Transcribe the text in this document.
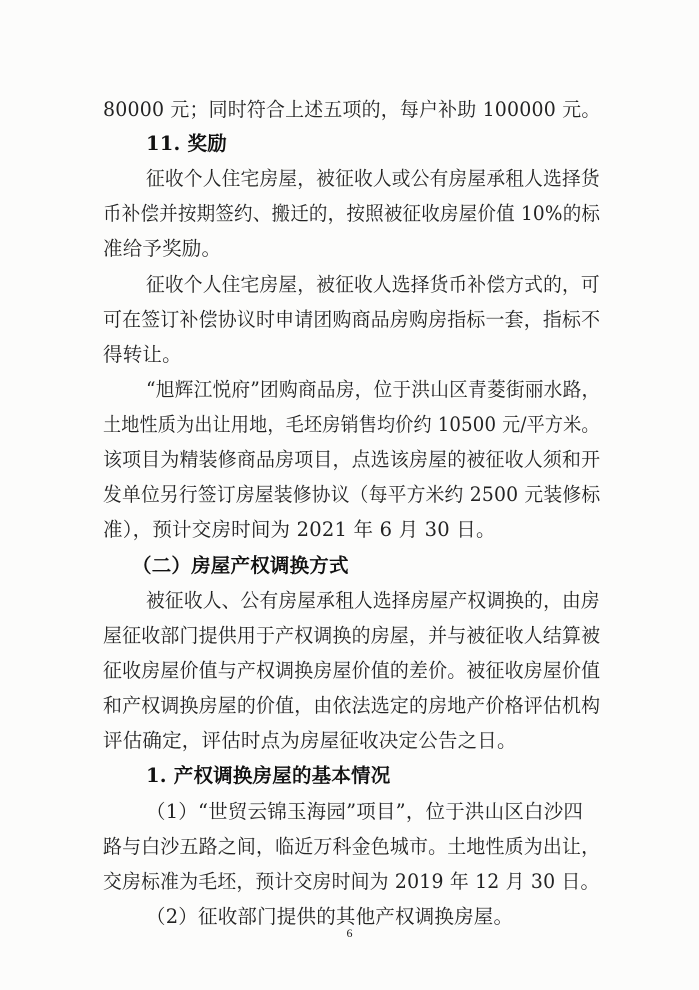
80000 元；同时符合上述五项的，每户补助 100000 元。
11. 奖励
征收个人住宅房屋，被征收人或公有房屋承租人选择货
币补偿并按期签约、搬迁的，按照被征收房屋价值 10%的标
准给予奖励。
征收个人住宅房屋，被征收人选择货币补偿方式的，可
可在签订补偿协议时申请团购商品房购房指标一套，指标不
得转让。
“旭辉江悦府”团购商品房，位于洪山区青菱街丽水路，
土地性质为出让用地，毛坯房销售均价约 10500 元/平方米。
该项目为精装修商品房项目，点选该房屋的被征收人须和开
发单位另行签订房屋装修协议（每平方米约 2500 元装修标
准），预计交房时间为 2021 年 6 月 30 日。
（二）房屋产权调换方式
被征收人、公有房屋承租人选择房屋产权调换的，由房
屋征收部门提供用于产权调换的房屋，并与被征收人结算被
征收房屋价值与产权调换房屋价值的差价。被征收房屋价值
和产权调换房屋的价值，由依法选定的房地产价格评估机构
评估确定，评估时点为房屋征收决定公告之日。
1. 产权调换房屋的基本情况
（1）“世贸云锦玉海园”项目”，位于洪山区白沙四
路与白沙五路之间，临近万科金色城市。土地性质为出让，
交房标准为毛坯，预计交房时间为 2019 年 12 月 30 日。
（2）征收部门提供的其他产权调换房屋。
6
